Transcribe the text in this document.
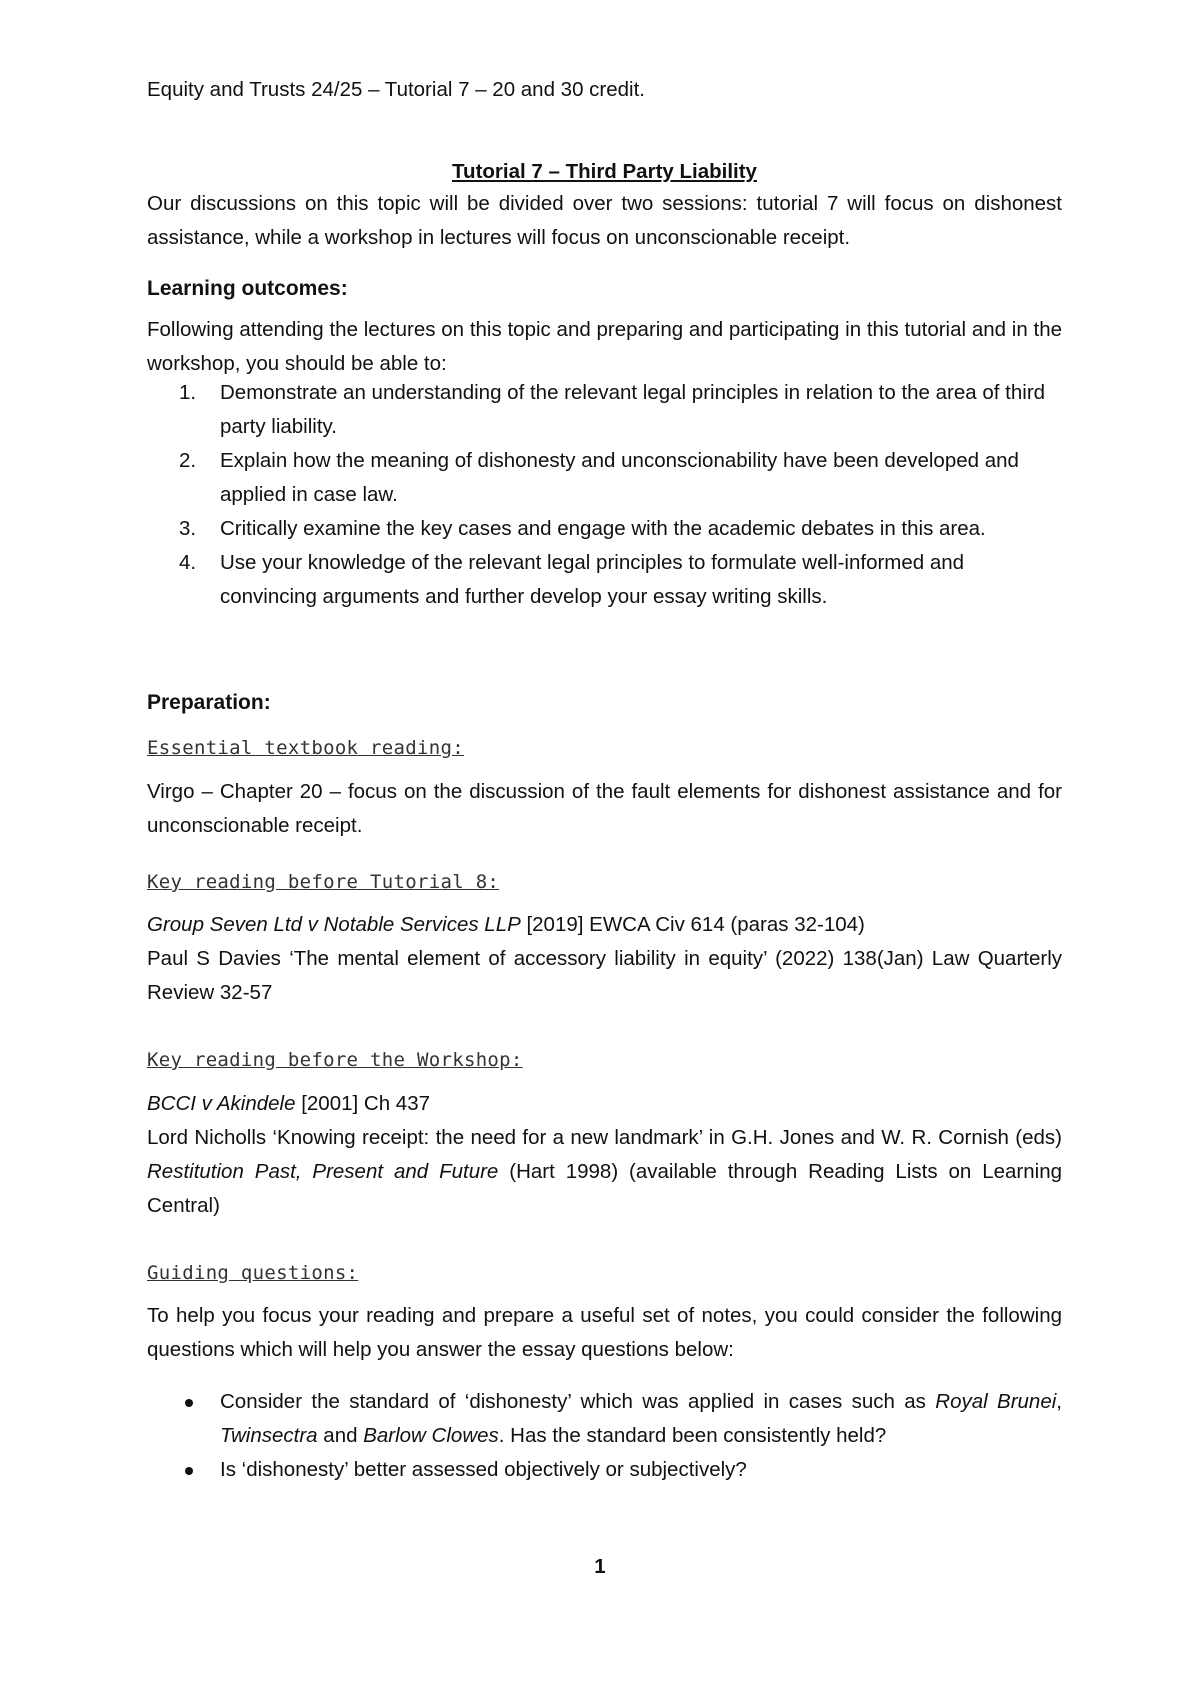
Equity and Trusts 24/25 – Tutorial 7 – 20 and 30 credit.
Tutorial 7 – Third Party Liability
Our discussions on this topic will be divided over two sessions: tutorial 7 will focus on dishonest assistance, while a workshop in lectures will focus on unconscionable receipt.
Learning outcomes:
Following attending the lectures on this topic and preparing and participating in this tutorial and in the workshop, you should be able to:
1. Demonstrate an understanding of the relevant legal principles in relation to the area of third party liability.
2. Explain how the meaning of dishonesty and unconscionability have been developed and applied in case law.
3. Critically examine the key cases and engage with the academic debates in this area.
4. Use your knowledge of the relevant legal principles to formulate well-informed and convincing arguments and further develop your essay writing skills.
Preparation:
Essential textbook reading:
Virgo – Chapter 20 – focus on the discussion of the fault elements for dishonest assistance and for unconscionable receipt.
Key reading before Tutorial 8:
Group Seven Ltd v Notable Services LLP [2019] EWCA Civ 614 (paras 32-104)
Paul S Davies ‘The mental element of accessory liability in equity’ (2022) 138(Jan) Law Quarterly Review 32-57
Key reading before the Workshop:
BCCI v Akindele [2001] Ch 437
Lord Nicholls ‘Knowing receipt: the need for a new landmark’ in G.H. Jones and W. R. Cornish (eds) Restitution Past, Present and Future (Hart 1998) (available through Reading Lists on Learning Central)
Guiding questions:
To help you focus your reading and prepare a useful set of notes, you could consider the following questions which will help you answer the essay questions below:
Consider the standard of ‘dishonesty’ which was applied in cases such as Royal Brunei, Twinsectra and Barlow Clowes. Has the standard been consistently held?
Is ‘dishonesty’ better assessed objectively or subjectively?
1
